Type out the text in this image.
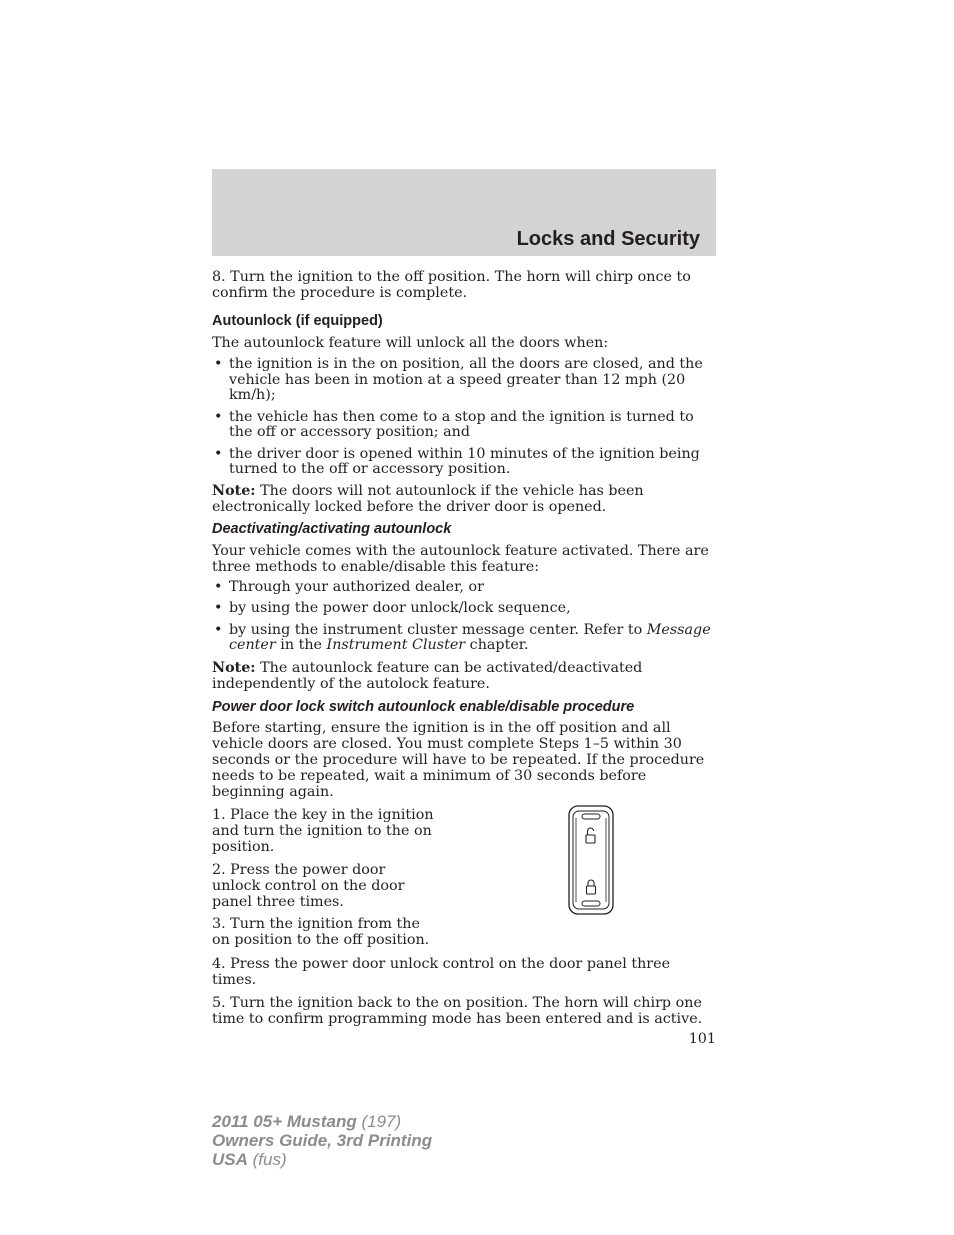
Locks and Security

8. Turn the ignition to the off position. The horn will chirp once to confirm the procedure is complete.

Autounlock (if equipped)

The autounlock feature will unlock all the doors when:

• the ignition is in the on position, all the doors are closed, and the vehicle has been in motion at a speed greater than 12 mph (20 km/h);
• the vehicle has then come to a stop and the ignition is turned to the off or accessory position; and
• the driver door is opened within 10 minutes of the ignition being turned to the off or accessory position.

Note: The doors will not autounlock if the vehicle has been electronically locked before the driver door is opened.

Deactivating/activating autounlock

Your vehicle comes with the autounlock feature activated. There are three methods to enable/disable this feature:

• Through your authorized dealer, or
• by using the power door unlock/lock sequence,
• by using the instrument cluster message center. Refer to Message center in the Instrument Cluster chapter.

Note: The autounlock feature can be activated/deactivated independently of the autolock feature.

Power door lock switch autounlock enable/disable procedure

Before starting, ensure the ignition is in the off position and all vehicle doors are closed. You must complete Steps 1–5 within 30 seconds or the procedure will have to be repeated. If the procedure needs to be repeated, wait a minimum of 30 seconds before beginning again.

1. Place the key in the ignition and turn the ignition to the on position.

2. Press the power door unlock control on the door panel three times.

3. Turn the ignition from the on position to the off position.

4. Press the power door unlock control on the door panel three times.

5. Turn the ignition back to the on position. The horn will chirp one time to confirm programming mode has been entered and is active.

101

2011 05+ Mustang (197)
Owners Guide, 3rd Printing
USA (fus)
